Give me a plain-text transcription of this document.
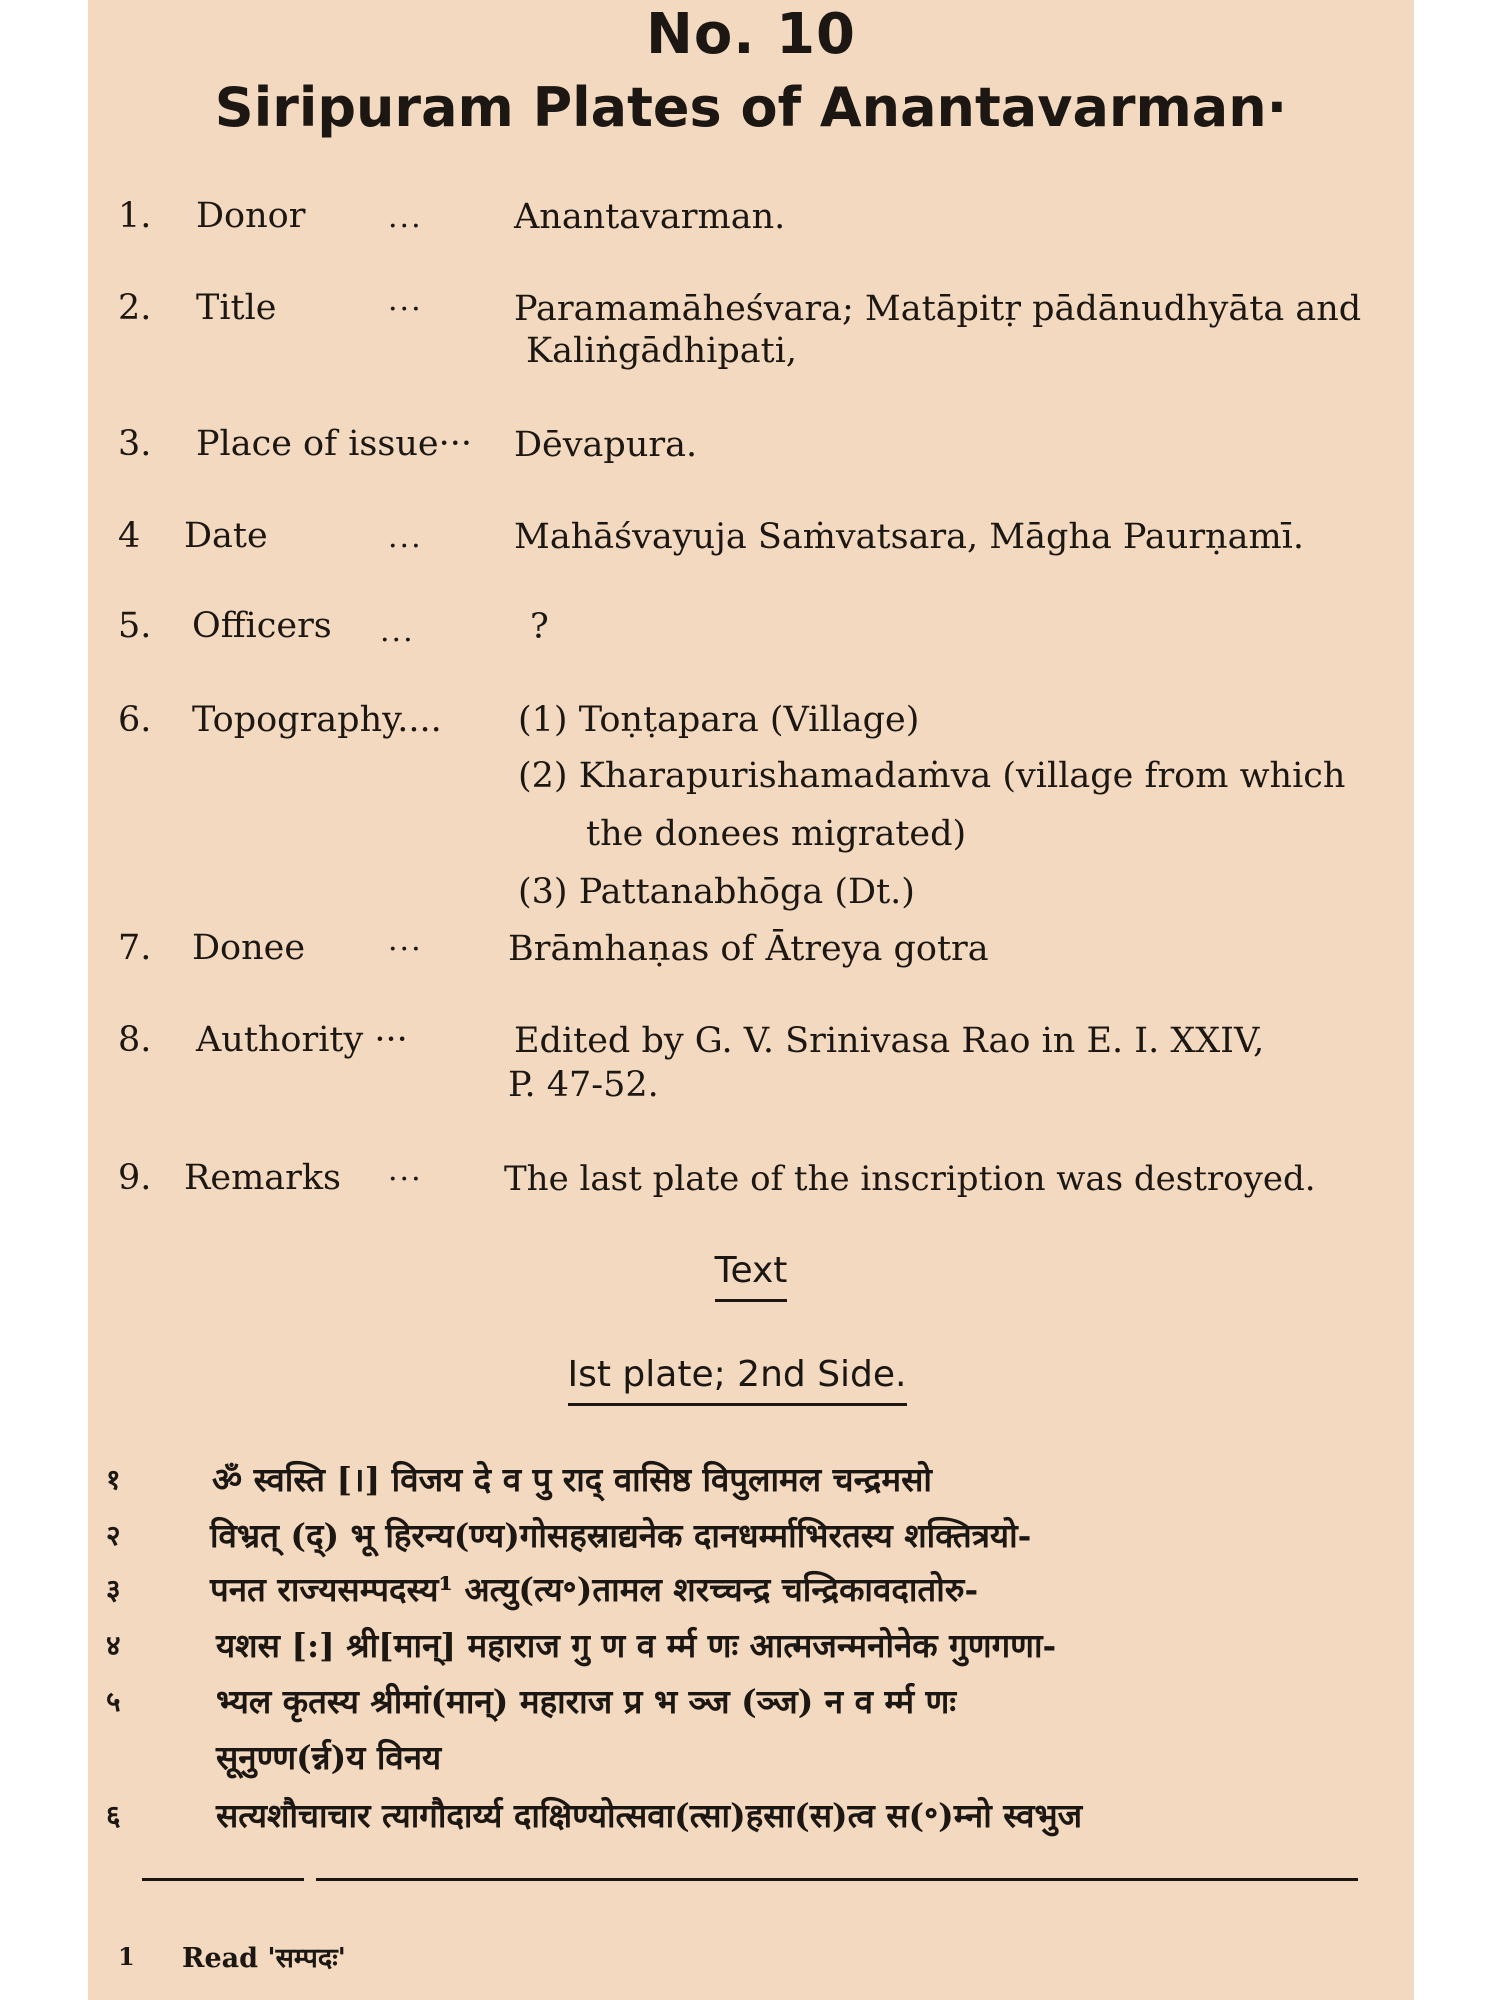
No. 10
Siripuram Plates of Anantavarman·
1. Donor	...	Anantavarman.
2. Title	···	Paramamāheśvara; Matāpitṛ pādānudhyāta and
Kaliṅgādhipati,
3. Place of issue··· Dēvapura.
4 Date	...	Mahāśvayuja Saṁvatsara, Māgha Paurṇamī.
5. Officers ...	?
6. Topography.... (1) Toṇṭapara (Village)
(2) Kharapurishamadaṁva (village from which
the donees migrated)
(3) Pattanabhōga (Dt.)
7. Donee	··· Brāmhaṇas of Ātreya gotra
8. Authority ···	Edited by G. V. Srinivasa Rao in E. I. XXIV,
P. 47-52.
9. Remarks ··· The last plate of the inscription was destroyed.
Text
Ist plate; 2nd Side.
१	ॐ स्वस्ति [।] विजय दे व पु राद् वासिष्ठ विपुलामल चन्द्रमसो
२	विभ्रत् (द्) भू हिरन्य(ण्य)गोसहस्राद्यनेक दानधर्म्माभिरतस्य शक्तित्रयो-
३	पनत राज्यसम्पदस्य¹ अत्यु(त्य॰)तामल शरच्चन्द्र चन्द्रिकावदातोरु-
४	यशस [:] श्री[मान्] महाराज गु ण व र्म्म णः आत्मजन्मनोनेक गुणगणा-
५	भ्यल कृतस्य श्रीमां(मान्) महाराज प्र भ ञ्ज (ञ्ज) न व र्म्म णः
सूनुण्ण(र्न्न)य विनय
६	सत्यशौचाचार त्यागौदार्य्य दाक्षिण्योत्सवा(त्सा)हसा(स)त्व स(॰)म्नो स्वभुज
1 Read 'सम्पदः'
